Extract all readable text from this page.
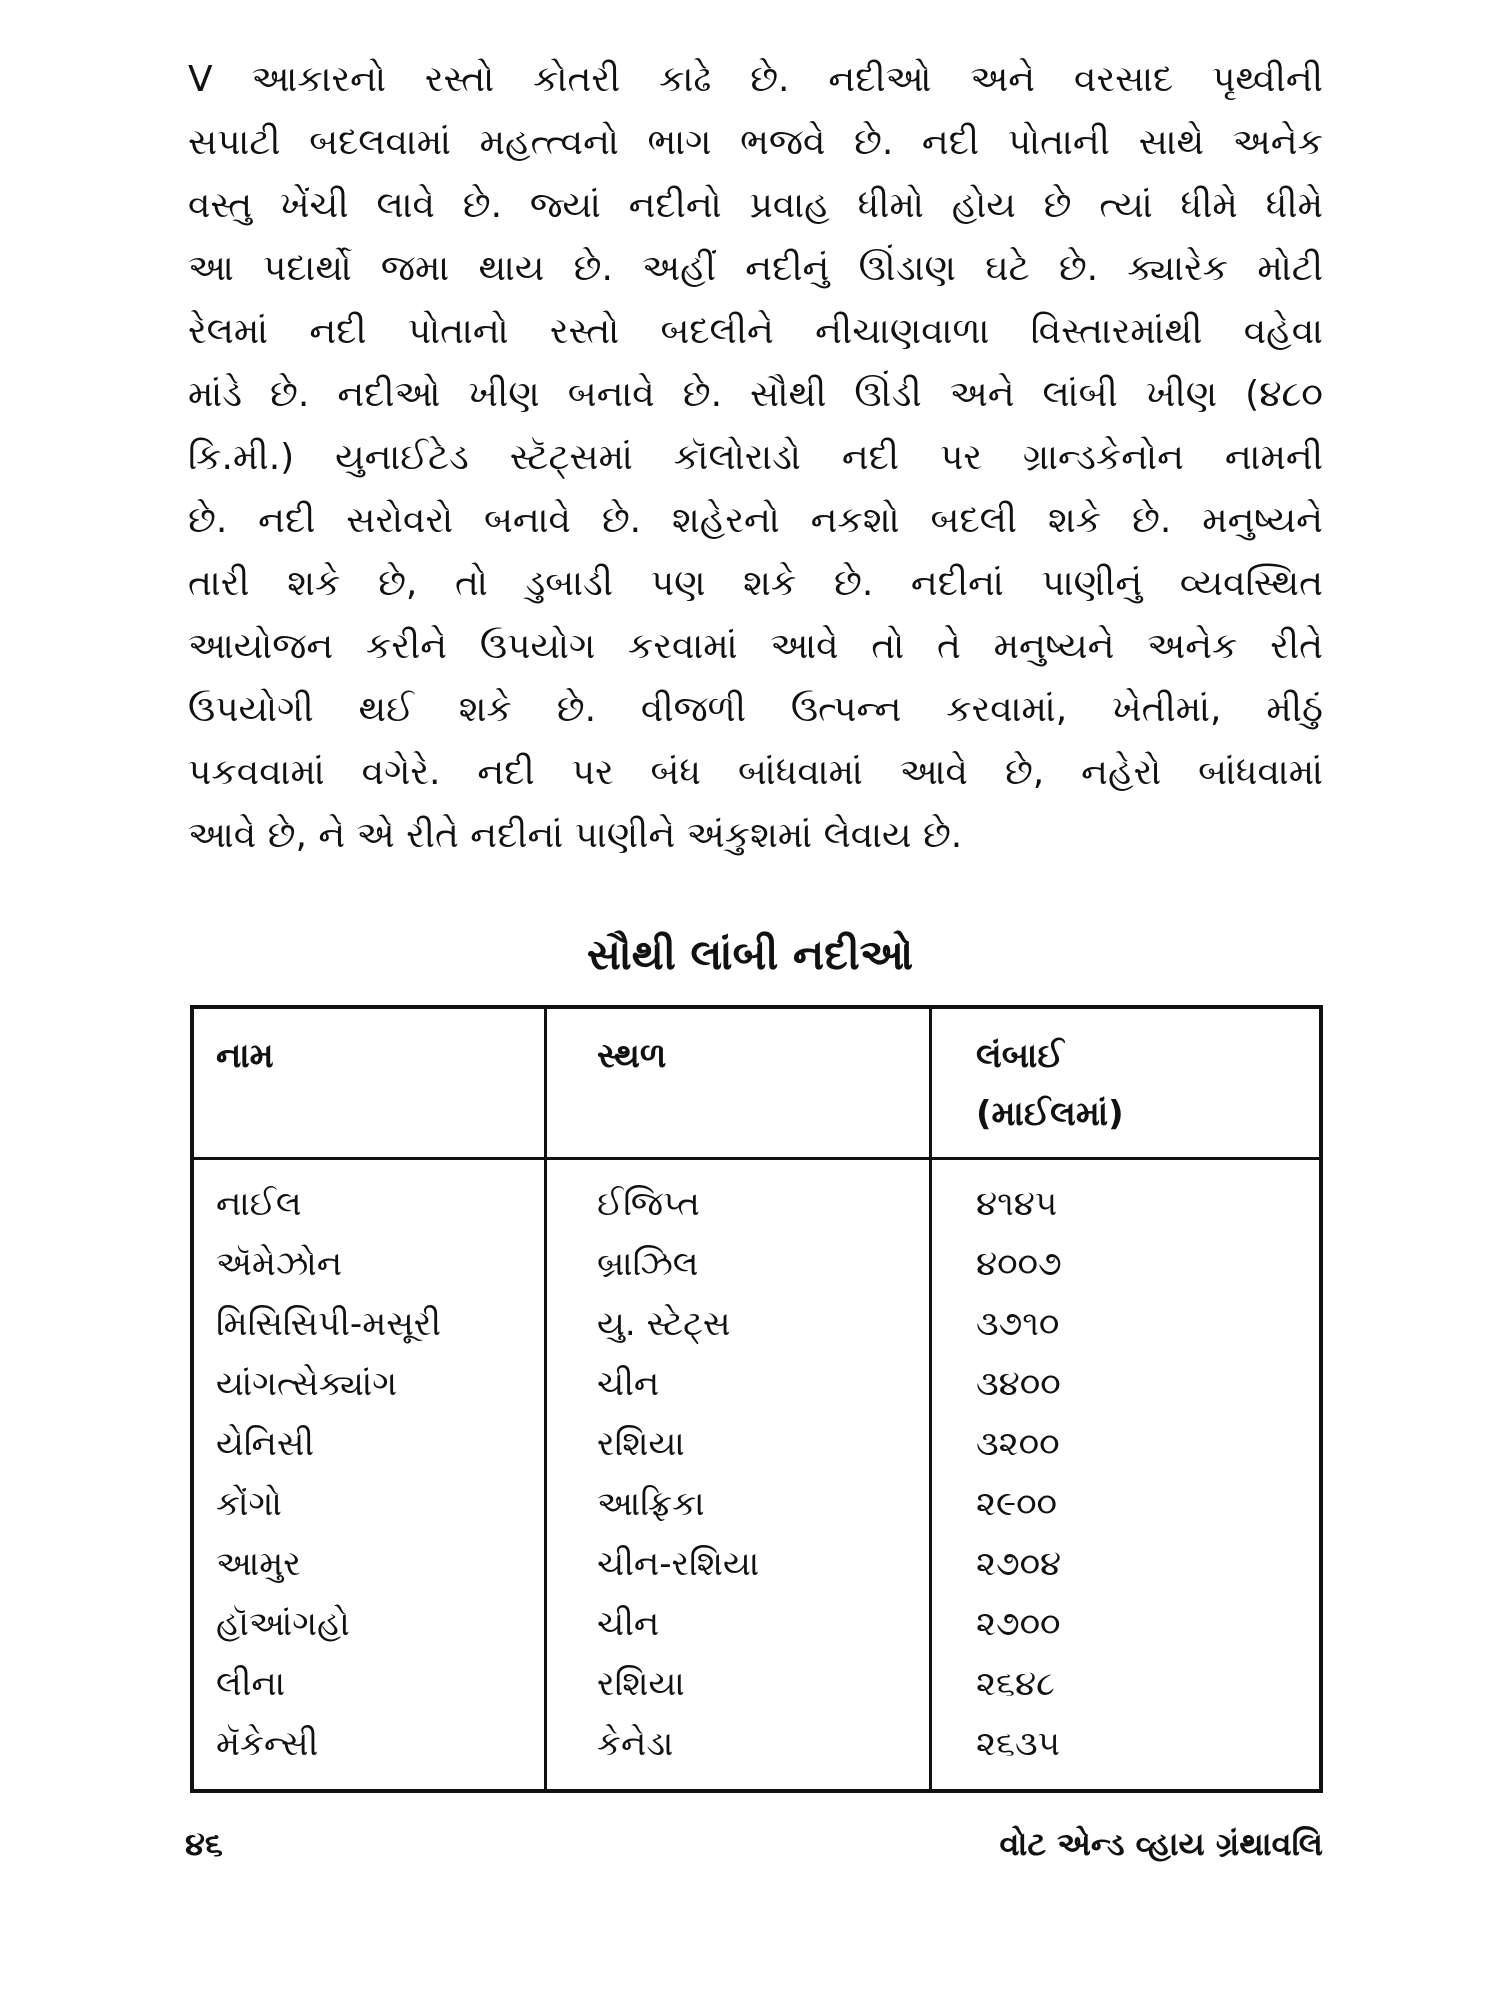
V આકારનો રસ્તો કોતરી કાઢે છે. નદીઓ અને વરસાદ પૃથ્વીની
સપાટી બદલવામાં મહત્ત્વનો ભાગ ભજવે છે. નદી પોતાની સાથે અનેક
વસ્તુ ખેંચી લાવે છે. જ્યાં નદીનો પ્રવાહ ધીમો હોય છે ત્યાં ધીમે ધીમે
આ પદાર્થો જમા થાય છે. અહીં નદીનું ઊંડાણ ઘટે છે. ક્યારેક મોટી
રેલમાં નદી પોતાનો રસ્તો બદલીને નીચાણવાળા વિસ્તારમાંથી વહેવા
માંડે છે. નદીઓ ખીણ બનાવે છે. સૌથી ઊંડી અને લાંબી ખીણ (૪૮૦
કિ.મી.) યુનાઈટેડ સ્ટૅટ્સમાં કૉલોરાડો નદી પર ગ્રાન્ડકેનોન નામની
છે. નદી સરોવરો બનાવે છે. શહેરનો નકશો બદલી શકે છે. મનુષ્યને
તારી શકે છે, તો ડુબાડી પણ શકે છે. નદીનાં પાણીનું વ્યવસ્થિત
આયોજન કરીને ઉપયોગ કરવામાં આવે તો તે મનુષ્યને અનેક રીતે
ઉપયોગી થઈ શકે છે. વીજળી ઉત્પન્ન કરવામાં, ખેતીમાં, મીઠું
પકવવામાં વગેરે. નદી પર બંધ બાંધવામાં આવે છે, નહેરો બાંધવામાં
આવે છે, ને એ રીતે નદીનાં પાણીને અંકુશમાં લેવાય છે.
સૌથી લાંબી નદીઓ
નામ	સ્થળ	લંબાઈ
(માઈલમાં)
નાઈલ	ઈજિપ્ત	૪૧૪૫
ઍમેઝોન	બ્રાઝિલ	૪૦૦૭
મિસિસિપી-મસૂરી	યુ. સ્ટેટ્સ	૩૭૧૦
યાંગત્સેક્યાંગ	ચીન	૩૪૦૦
યેનિસી	રશિયા	૩૨૦૦
કોંગો	આફ્રિકા	૨૯૦૦
આમુર	ચીન-રશિયા	૨૭૦૪
હૉઆંગહો	ચીન	૨૭૦૦
લીના	રશિયા	૨૬૪૮
મૅકેન્સી	કેનેડા	૨૬૩૫
૪૬	વોટ એન્ડ વ્હાય ગ્રંથાવલિ
